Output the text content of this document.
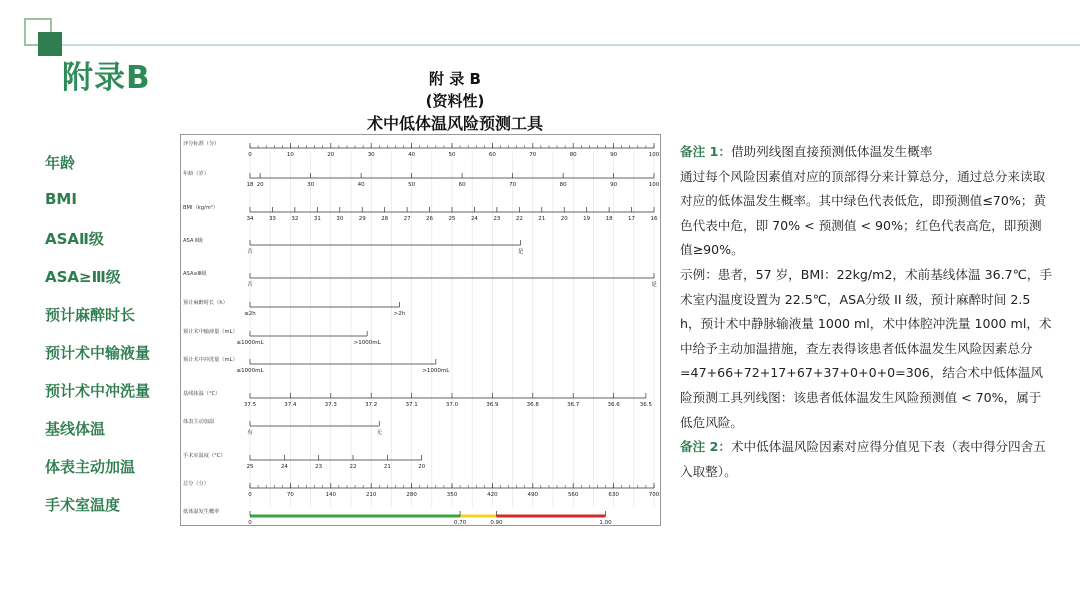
附录B
年龄
BMI
ASAⅡ级
ASA≥Ⅲ级
预计麻醉时长
预计术中输液量
预计术中冲洗量
基线体温
体表主动加温
手术室温度
附 录 B
(资料性)
术中低体温风险预测工具
评分标准（分）
0	10	20	30	40	50	60	70	80	90	100
年龄（岁）
18 20	30	40	50	60	70	80	90	100
BMI（kg/m²）
34	33	32	31	30	29	28	27	26	25	24	23	22	21	20	19	18	17	16
ASA Ⅱ级
否	是
ASA≥Ⅲ级
否	是
预计麻醉时长（h）
≤2h	>2h
预计术中输液量（mL）
≤1000mL	>1000mL
预计术中冲洗量（mL）
≤1000mL	>1000mL
基线体温（°C）
37.5	37.4	37.3	37.2	37.1	37.0	36.9	36.8	36.7	36.6	36.5
体表主动加温
有	无
手术室温度（°C）
25	24	23	22	21	20
总分（分）
0	70	140	210	280	350	420	490	560	630	700
低体温发生概率
0	0.70	0.90	1.00

备注 1：借助列线图直接预测低体温发生概率

通过每个风险因素值对应的顶部得分来计算总分，通过总分来读取对应的低体温发生概率。其中绿色代表低危，即预测值≤70%；黄色代表中危，即 70% < 预测值 < 90%；红色代表高危，即预测值≥90%。

示例：患者，57 岁，BMI：22kg/m2，术前基线体温 36.7℃，手术室内温度设置为 22.5℃，ASA分级 II 级，预计麻醉时间 2.5 h，预计术中静脉输液量 1000 ml，术中体腔冲洗量 1000 ml，术中给予主动加温措施，查左表得该患者低体温发生风险因素总分=47+66+72+17+67+37+0+0+0=306，结合术中低体温风险预测工具列线图：该患者低体温发生风险预测值 < 70%，属于低危风险。

备注 2：术中低体温风险因素对应得分值见下表（表中得分四舍五入取整）。
